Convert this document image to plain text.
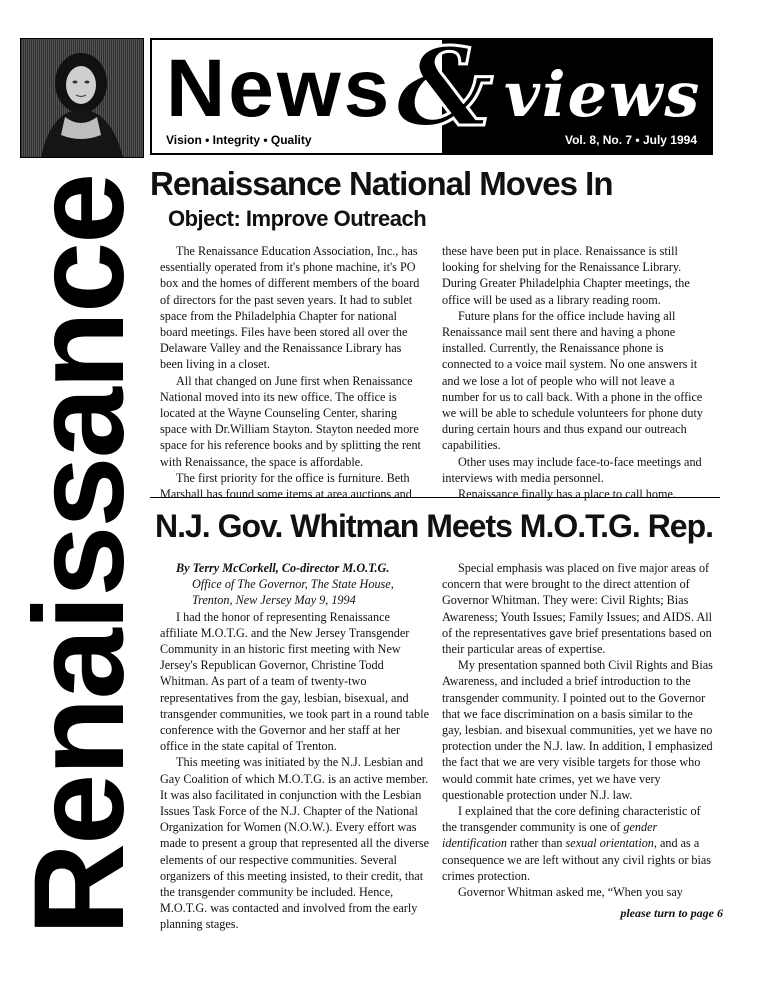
News & views
Vision • Integrity • Quality	Vol. 8, No. 7 • July 1994
Renaissance Renaissance National Moves In
Object: Improve Outreach

The Renaissance Education Association, Inc., has essentially operated from it's phone machine, it's PO box and the homes of different members of the board of directors for the past seven years. It had to sublet space from the Philadelphia Chapter for national board meetings. Files have been stored all over the Delaware Valley and the Renaissance Library has been living in a closet.

All that changed on June first when Renaissance National moved into its new office. The office is located at the Wayne Counseling Center, sharing space with Dr.William Stayton. Stayton needed more space for his reference books and by splitting the rent with Renaissance, the space is affordable.

The first priority for the office is furniture. Beth Marshall has found some items at area auctions and

these have been put in place. Renaissance is still looking for shelving for the Renaissance Library. During Greater Philadelphia Chapter meetings, the office will be used as a library reading room.

Future plans for the office include having all Renaissance mail sent there and having a phone installed. Currently, the Renaissance phone is connected to a voice mail system. No one answers it and we lose a lot of people who will not leave a number for us to call back. With a phone in the office we will be able to schedule volunteers for phone duty during certain hours and thus expand our outreach capabilities.

Other uses may include face-to-face meetings and interviews with media personnel.

Renaissance finally has a place to call home.

N.J. Gov. Whitman Meets M.O.T.G. Rep.

By Terry McCorkell, Co-director M.O.T.G.

Office of The Governor, The State House,

Trenton, New Jersey May 9, 1994

I had the honor of representing Renaissance affiliate M.O.T.G. and the New Jersey Transgender Community in an historic first meeting with New Jersey's Republican Governor, Christine Todd Whitman. As part of a team of twenty-two representatives from the gay, lesbian, bisexual, and transgender communities, we took part in a round table conference with the Governor and her staff at her office in the state capital of Trenton.

This meeting was initiated by the N.J. Lesbian and Gay Coalition of which M.O.T.G. is an active member. It was also facilitated in conjunction with the Lesbian Issues Task Force of the N.J. Chapter of the National Organization for Women (N.O.W.). Every effort was made to present a group that represented all the diverse elements of our respective communities. Several organizers of this meeting insisted, to their credit, that the transgender community be included. Hence, M.O.T.G. was contacted and involved from the early planning stages.

Special emphasis was placed on five major areas of concern that were brought to the direct attention of Governor Whitman. They were: Civil Rights; Bias Awareness; Youth Issues; Family Issues; and AIDS. All of the representatives gave brief presentations based on their particular areas of expertise.

My presentation spanned both Civil Rights and Bias Awareness, and included a brief introduction to the transgender community. I pointed out to the Governor that we face discrimination on a basis similar to the gay, lesbian. and bisexual communities, yet we have no protection under the N.J. law. In addition, I emphasized the fact that we are very visible targets for those who would commit hate crimes, yet we have very questionable protection under N.J. law.

I explained that the core defining characteristic of the transgender community is one of gender identification rather than sexual orientation, and as a consequence we are left without any civil rights or bias crimes protection.

Governor Whitman asked me, “When you say

please turn to page 6
